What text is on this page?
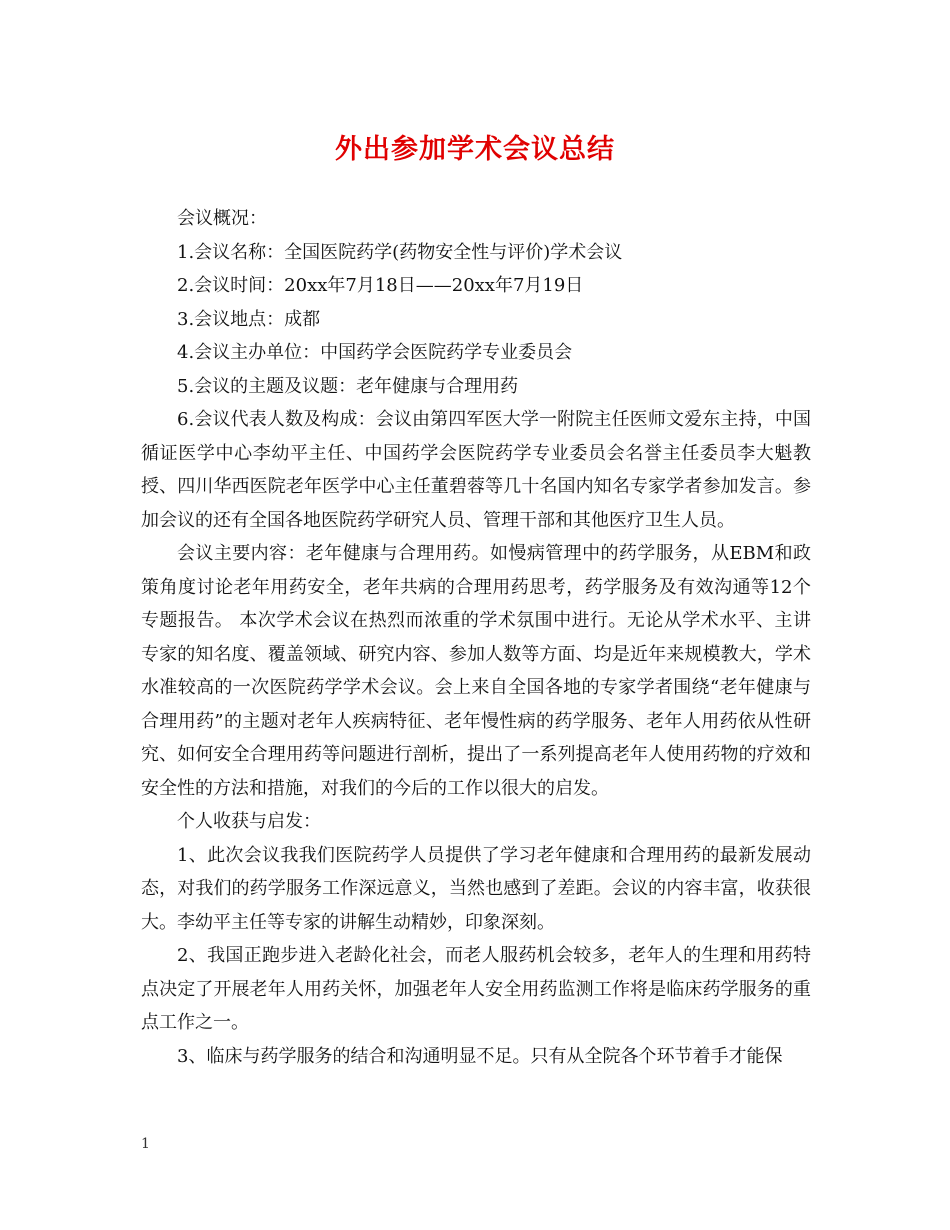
外出参加学术会议总结

会议概况：

1.会议名称：全国医院药学(药物安全性与评价)学术会议

2.会议时间：20xx年7月18日——20xx年7月19日

3.会议地点：成都

4.会议主办单位：中国药学会医院药学专业委员会

5.会议的主题及议题：老年健康与合理用药

6.会议代表人数及构成：会议由第四军医大学一附院主任医师文爱东主持，中国循证医学中心李幼平主任、中国药学会医院药学专业委员会名誉主任委员李大魁教授、四川华西医院老年医学中心主任董碧蓉等几十名国内知名专家学者参加发言。参加会议的还有全国各地医院药学研究人员、管理干部和其他医疗卫生人员。

会议主要内容：老年健康与合理用药。如慢病管理中的药学服务，从EBM和政策角度讨论老年用药安全，老年共病的合理用药思考，药学服务及有效沟通等12个专题报告。 本次学术会议在热烈而浓重的学术氛围中进行。无论从学术水平、主讲专家的知名度、覆盖领域、研究内容、参加人数等方面、均是近年来规模教大，学术水准较高的一次医院药学学术会议。会上来自全国各地的专家学者围绕“老年健康与合理用药”的主题对老年人疾病特征、老年慢性病的药学服务、老年人用药依从性研究、如何安全合理用药等问题进行剖析，提出了一系列提高老年人使用药物的疗效和安全性的方法和措施，对我们的今后的工作以很大的启发。

个人收获与启发：

1、此次会议我我们医院药学人员提供了学习老年健康和合理用药的最新发展动态，对我们的药学服务工作深远意义，当然也感到了差距。会议的内容丰富，收获很大。李幼平主任等专家的讲解生动精妙，印象深刻。

2、我国正跑步进入老龄化社会，而老人服药机会较多，老年人的生理和用药特点决定了开展老年人用药关怀，加强老年人安全用药监测工作将是临床药学服务的重点工作之一。

3、临床与药学服务的结合和沟通明显不足。只有从全院各个环节着手才能保

1
